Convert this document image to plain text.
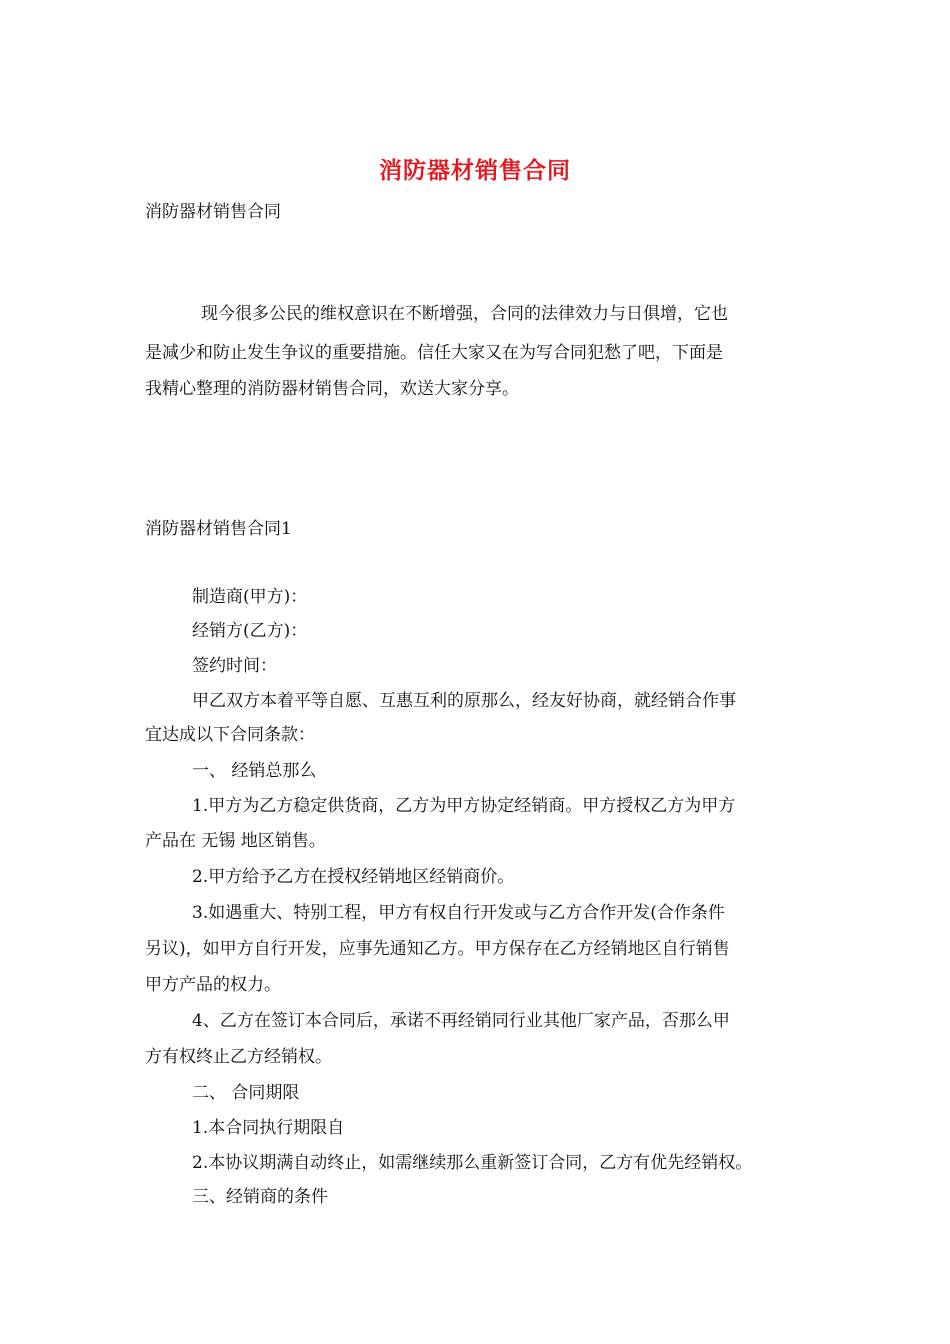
消防器材销售合同

消防器材销售合同

现今很多公民的维权意识在不断增强，合同的法律效力与日俱增，它也

是减少和防止发生争议的重要措施。信任大家又在为写合同犯愁了吧，下面是

我精心整理的消防器材销售合同，欢送大家分享。

消防器材销售合同1

制造商(甲方)：

经销方(乙方)：

签约时间：

甲乙双方本着平等自愿、互惠互利的原那么，经友好协商，就经销合作事

宜达成以下合同条款：

一、 经销总那么

1.甲方为乙方稳定供货商，乙方为甲方协定经销商。甲方授权乙方为甲方

产品在 无锡 地区销售。

2.甲方给予乙方在授权经销地区经销商价。

3.如遇重大、特别工程，甲方有权自行开发或与乙方合作开发(合作条件

另议)，如甲方自行开发，应事先通知乙方。甲方保存在乙方经销地区自行销售

甲方产品的权力。

4、乙方在签订本合同后，承诺不再经销同行业其他厂家产品，否那么甲

方有权终止乙方经销权。

二、 合同期限

1.本合同执行期限自

2.本协议期满自动终止，如需继续那么重新签订合同，乙方有优先经销权。

三、经销商的条件
